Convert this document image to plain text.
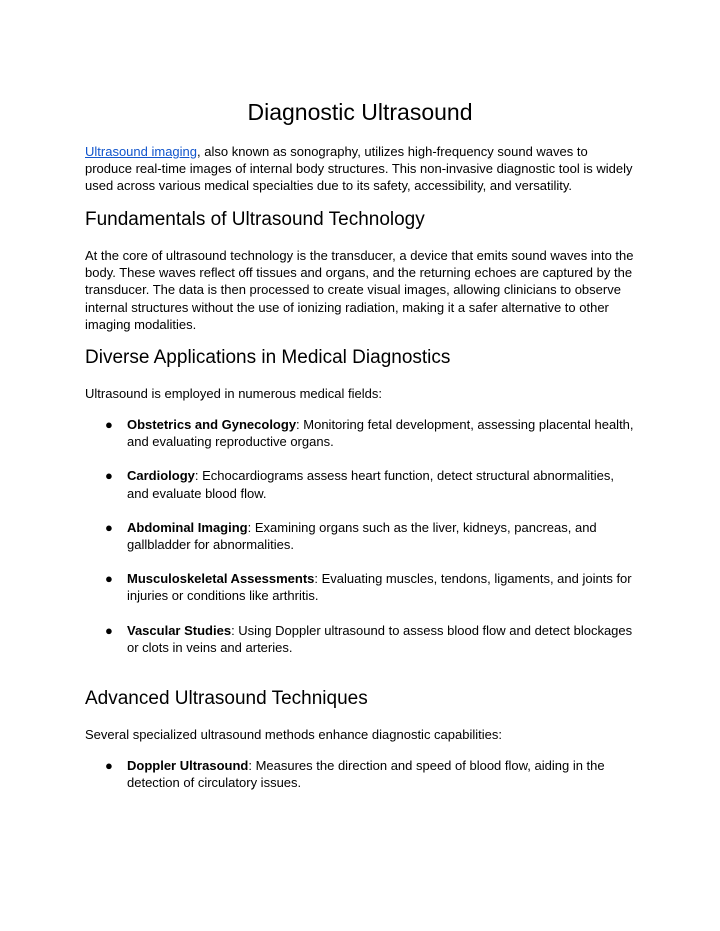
Diagnostic Ultrasound

Ultrasound imaging, also known as sonography, utilizes high-frequency sound waves to produce real-time images of internal body structures. This non-invasive diagnostic tool is widely used across various medical specialties due to its safety, accessibility, and versatility.

Fundamentals of Ultrasound Technology

At the core of ultrasound technology is the transducer, a device that emits sound waves into the body. These waves reflect off tissues and organs, and the returning echoes are captured by the transducer. The data is then processed to create visual images, allowing clinicians to observe internal structures without the use of ionizing radiation, making it a safer alternative to other imaging modalities.

Diverse Applications in Medical Diagnostics

Ultrasound is employed in numerous medical fields:

● Obstetrics and Gynecology: Monitoring fetal development, assessing placental health, and evaluating reproductive organs.
● Cardiology: Echocardiograms assess heart function, detect structural abnormalities, and evaluate blood flow.
● Abdominal Imaging: Examining organs such as the liver, kidneys, pancreas, and gallbladder for abnormalities.
● Musculoskeletal Assessments: Evaluating muscles, tendons, ligaments, and joints for injuries or conditions like arthritis.
● Vascular Studies: Using Doppler ultrasound to assess blood flow and detect blockages or clots in veins and arteries.
Advanced Ultrasound Techniques

Several specialized ultrasound methods enhance diagnostic capabilities:

● Doppler Ultrasound: Measures the direction and speed of blood flow, aiding in the detection of circulatory issues.
